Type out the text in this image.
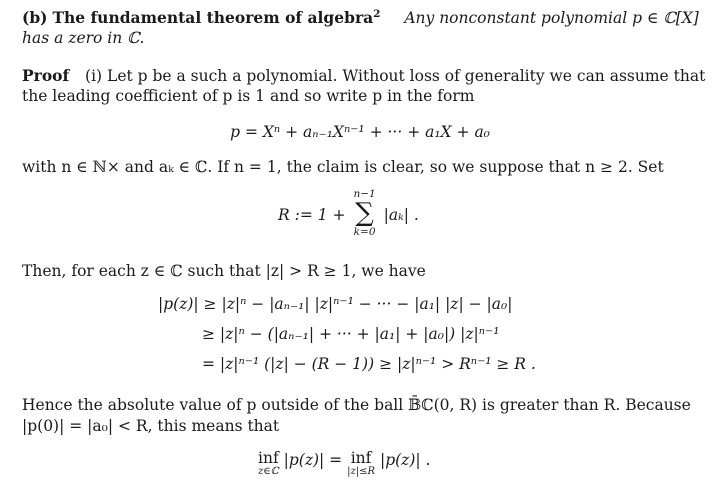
(b) The fundamental theorem of algebra$^2$ Any nonconstant polynomial p ∈ ℂ[X]
has a zero in ℂ.
Proof (i) Let p be a such a polynomial. Without loss of generality we can assume that
the leading coefficient of p is 1 and so write p in the form
p = Xⁿ + aₙ₋₁Xⁿ⁻¹ + ··· + a₁X + a₀
with n ∈ ℕ× and aₖ ∈ ℂ. If n = 1, the claim is clear, so we suppose that n ≥ 2. Set
R := 1 +
n−1
∑
k=0
|aₖ| .
Then, for each z ∈ ℂ such that |z| > R ≥ 1, we have
|p(z)| ≥ |z|ⁿ − |aₙ₋₁| |z|ⁿ⁻¹ − ··· − |a₁| |z| − |a₀|
≥ |z|ⁿ − (|aₙ₋₁| + ··· + |a₁| + |a₀|) |z|ⁿ⁻¹
= |z|ⁿ⁻¹ (|z| − (R − 1)) ≥ |z|ⁿ⁻¹ > Rⁿ⁻¹ ≥ R .
Hence the absolute value of p outside of the ball 𝔹̄ℂ(0, R) is greater than R. Because
|p(0)| = |a₀| < R, this means that
inf
z∈ℂ
|p(z)| = inf
|z|≤R
|p(z)| .
